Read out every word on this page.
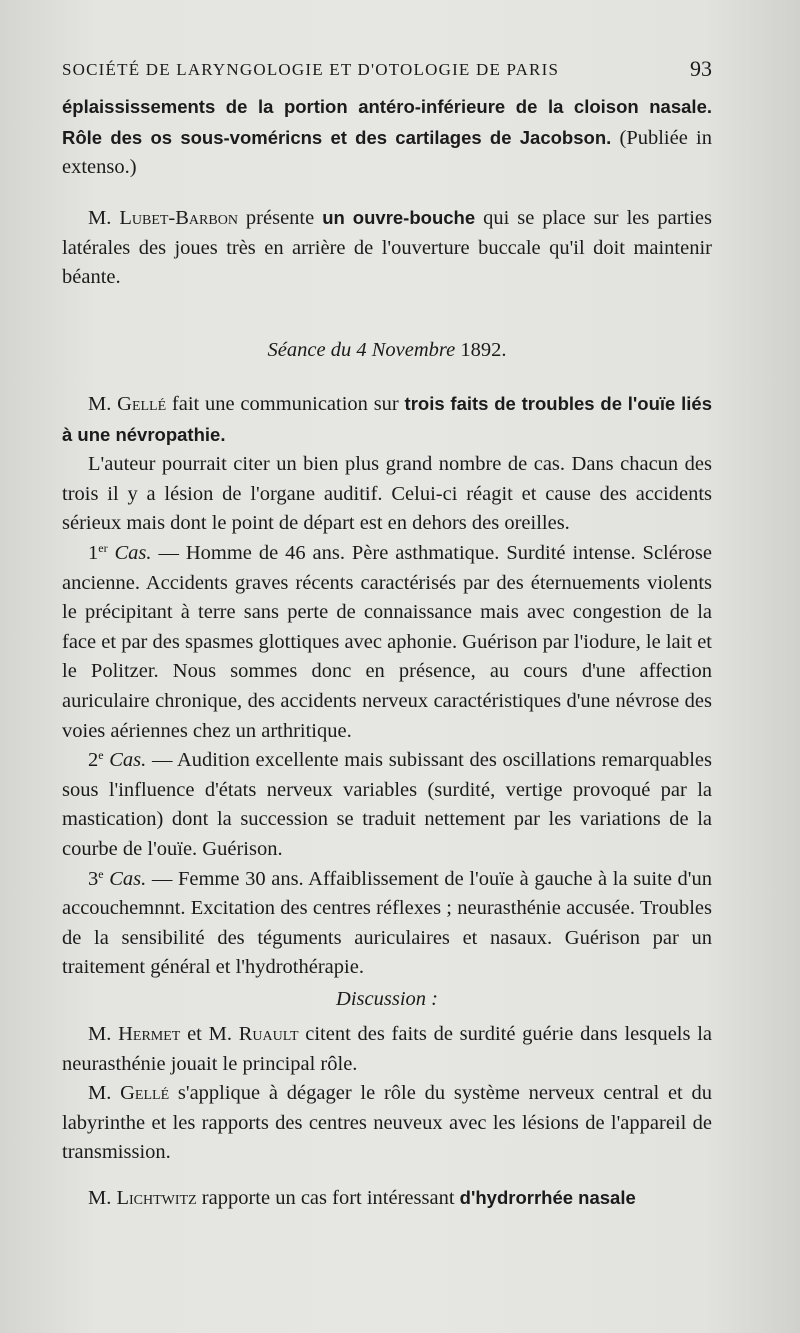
SOCIÉTÉ DE LARYNGOLOGIE ET D'OTOLOGIE DE PARIS	93

éplaississements de la portion antéro-inférieure de la cloison nasale. Rôle des os sous-voméricns et des cartilages de Jacobson. (Publiée in extenso.)

M. Lubet-Barbon présente un ouvre-bouche qui se place sur les parties latérales des joues très en arrière de l'ouverture buccale qu'il doit maintenir béante.

Séance du 4 Novembre 1892.

M. Gellé fait une communication sur trois faits de troubles de l'ouïe liés à une névropathie.

L'auteur pourrait citer un bien plus grand nombre de cas. Dans chacun des trois il y a lésion de l'organe auditif. Celui-ci réagit et cause des accidents sérieux mais dont le point de départ est en dehors des oreilles.

1er Cas. — Homme de 46 ans. Père asthmatique. Surdité intense. Sclérose ancienne. Accidents graves récents caractérisés par des éternuements violents le précipitant à terre sans perte de connaissance mais avec congestion de la face et par des spasmes glottiques avec aphonie. Guérison par l'iodure, le lait et le Politzer. Nous sommes donc en présence, au cours d'une affection auriculaire chronique, des accidents nerveux caractéristiques d'une névrose des voies aériennes chez un arthritique.

2e Cas. — Audition excellente mais subissant des oscillations remarquables sous l'influence d'états nerveux variables (surdité, vertige provoqué par la mastication) dont la succession se traduit nettement par les variations de la courbe de l'ouïe. Guérison.

3e Cas. — Femme 30 ans. Affaiblissement de l'ouïe à gauche à la suite d'un accouchemnnt. Excitation des centres réflexes ; neurasthénie accusée. Troubles de la sensibilité des téguments auriculaires et nasaux. Guérison par un traitement général et l'hydrothérapie.

Discussion :

M. Hermet et M. Ruault citent des faits de surdité guérie dans lesquels la neurasthénie jouait le principal rôle.

M. Gellé s'applique à dégager le rôle du système nerveux central et du labyrinthe et les rapports des centres neuveux avec les lésions de l'appareil de transmission.

M. Lichtwitz rapporte un cas fort intéressant d'hydrorrhée nasale
